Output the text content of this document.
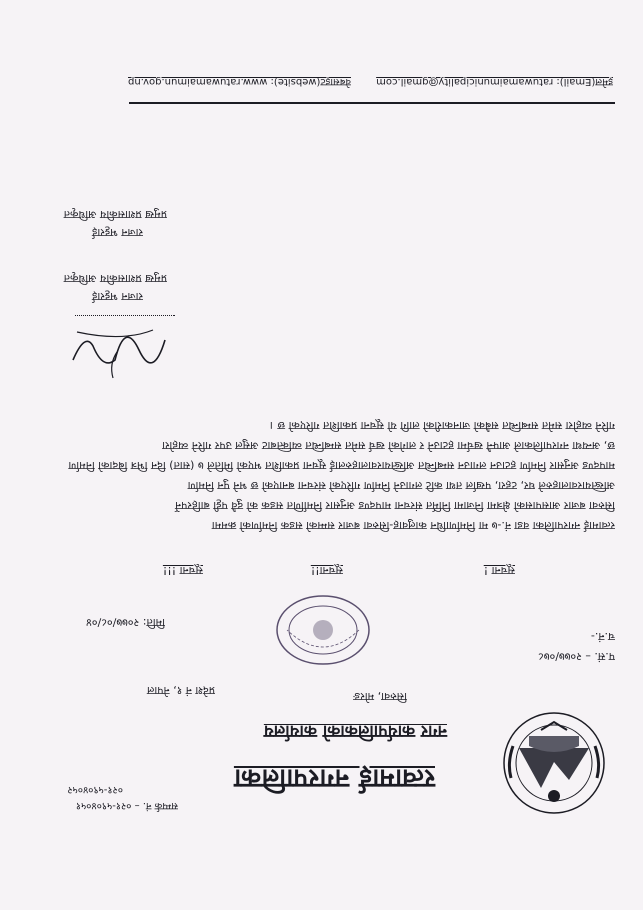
रत्वामाई नगरपालिका
नगर कार्यपालिकाको कार्यालय
सिरुवा, मोरङ
प्रदेश नं १, नेपाल
सम्पर्क नं. – ०२१-५९०४०५१
०२१-५९०४०५२
प.सं. – २०७७/०७८
च.नं.-
मिति: २०७७/०८/०४
सूचना !
सूचना!!
सूचना !!!
रत्वामाई नगरपालिका वडा नं.-७ मा निर्माणाधिन कालुवाह-सिरुवा बजार सम्मको सडक निर्माणको क्रममा
सिरुवा बजार आसपासको क्षेत्रमा निजामा निर्मित संरचना मापदण्ड अनुसार निर्माणित सडक को दुवै पट्टी बाहिरपर्ने
अख्तियारवालाहरुले घर, टहरा, पर्खाल तथा कटि लगाउने निर्माण गरिएको संरचना बनाएको छ भने पुन निर्माण
मापदण्ड अनुसार निर्माण हटाउन लगाउन सम्बन्धित अख्तियारवालाहरुलाई सूचना प्रकाशित भएको मितिले ७ (सात) दिन भित्र बिदाको निर्माण
छ, अन्यथा नगरपालिकाले आफ्नै खर्चमा हटाउने र लागेको खर्च समेत सम्बन्धित व्यक्तिबाट असुल उपर गरिने व्यहोरा
गरिने व्यहोरा समेत सम्बन्धित सबैको जानकारीको लागि यो सूचना प्रकाशित गरिएको छ ।
राजन भट्टराई
प्रमुख प्रशासकीय अधिकृत
राजन भट्टराई
प्रमुख प्रशासकीय अधिकृत
इमेल(Email): ratuwamaimunicipality@gmail.com
वेबसाइट(website): www.ratuwamaimun.gov.np
